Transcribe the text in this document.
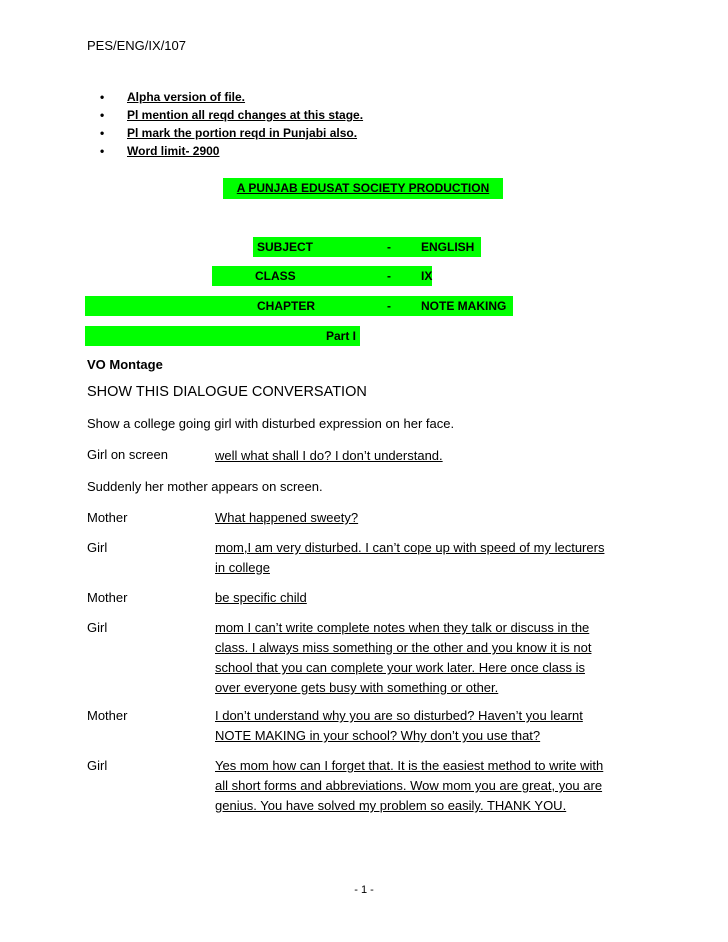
PES/ENG/IX/107
• Alpha version of file.
• Pl mention all reqd changes at this stage.
• Pl mark the portion reqd in Punjabi also.
• Word limit- 2900
A PUNJAB EDUSAT SOCIETY PRODUCTION
SUBJECT	-	ENGLISH
CLASS	-	IX
CHAPTER	-	NOTE MAKING
Part I
VO Montage
SHOW THIS DIALOGUE CONVERSATION
Show a college going girl with disturbed expression on her face.
Girl on screen	well what shall I do? I don’t understand.
Suddenly her mother appears on screen.
Mother	What happened sweety?
Girl	mom,I am very disturbed. I can’t cope up with speed of my lecturers
in college
Mother	be specific child
Girl	mom I can’t write complete notes when they talk or discuss in the
class. I always miss something or the other and you know it is not
school that you can complete your work later. Here once class is
over everyone gets busy with something or other.
Mother	I don’t understand why you are so disturbed? Haven’t you learnt
NOTE MAKING in your school? Why don’t you use that?
Girl	Yes mom how can I forget that. It is the easiest method to write with
all short forms and abbreviations. Wow mom you are great, you are
genius. You have solved my problem so easily. THANK YOU.
- 1 -
